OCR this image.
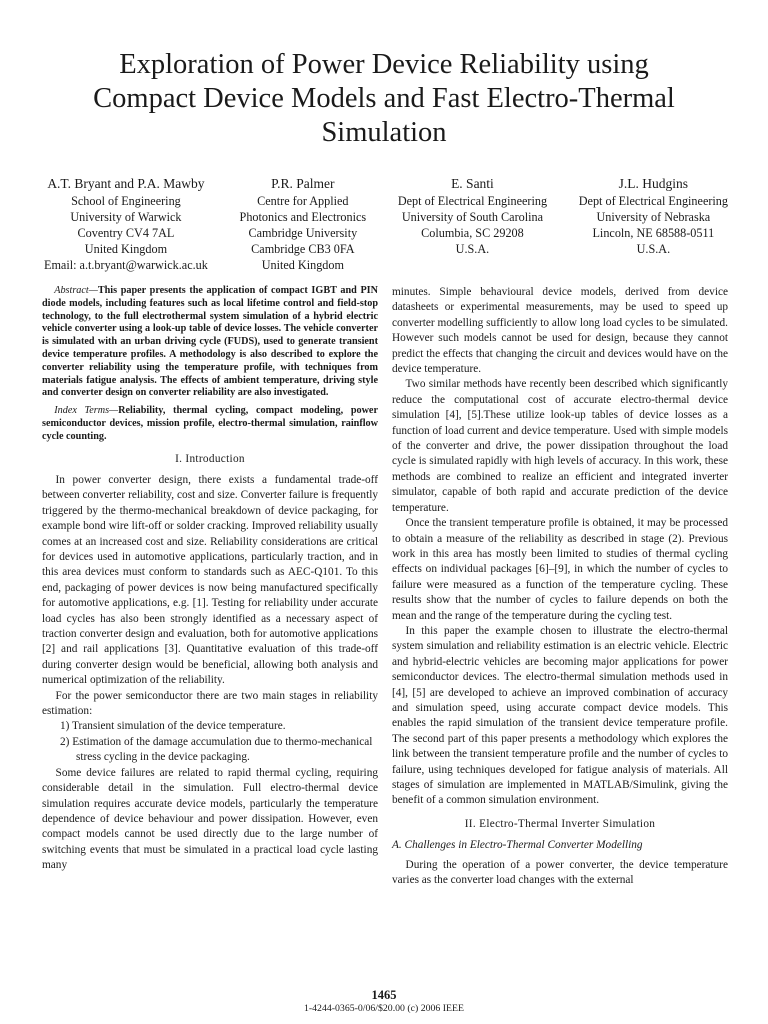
Exploration of Power Device Reliability using
Compact Device Models and Fast Electro-Thermal
Simulation
A.T. Bryant and P.A. Mawby
School of Engineering
University of Warwick
Coventry CV4 7AL
United Kingdom
Email: a.t.bryant@warwick.ac.uk
P.R. Palmer
Centre for Applied
Photonics and Electronics
Cambridge University
Cambridge CB3 0FA
United Kingdom
E. Santi
Dept of Electrical Engineering
University of South Carolina
Columbia, SC 29208
U.S.A.
J.L. Hudgins
Dept of Electrical Engineering
University of Nebraska
Lincoln, NE 68588-0511
U.S.A.

Abstract—This paper presents the application of compact IGBT and PIN diode models, including features such as local lifetime control and field-stop technology, to the full electrothermal system simulation of a hybrid electric vehicle converter using a look-up table of device losses. The vehicle converter is simulated with an urban driving cycle (FUDS), used to generate transient device temperature profiles. A methodology is also described to explore the converter reliability using the temperature profile, with techniques from materials fatigue analysis. The effects of ambient temperature, driving style and converter design on converter reliability are also investigated.

Index Terms—Reliability, thermal cycling, compact modeling, power semiconductor devices, mission profile, electro-thermal simulation, rainflow cycle counting.

I. Introduction

In power converter design, there exists a fundamental trade-off between converter reliability, cost and size. Converter failure is frequently triggered by the thermo-mechanical breakdown of device packaging, for example bond wire lift-off or solder cracking. Improved reliability usually comes at an increased cost and size. Reliability considerations are critical for devices used in automotive applications, particularly traction, and in this area devices must conform to standards such as AEC-Q101. To this end, packaging of power devices is now being manufactured specifically for automotive applications, e.g. [1]. Testing for reliability under accurate load cycles has also been strongly identified as a necessary aspect of traction converter design and evaluation, both for automotive applications [2] and rail applications [3]. Quantitative evaluation of this trade-off during converter design would be beneficial, allowing both analysis and numerical optimization of the reliability.

For the power semiconductor there are two main stages in reliability estimation:

1) Transient simulation of the device temperature.
2) Estimation of the damage accumulation due to thermo-mechanical stress cycling in the device packaging.

Some device failures are related to rapid thermal cycling, requiring considerable detail in the simulation. Full electro-thermal device simulation requires accurate device models, particularly the temperature dependence of device behaviour and power dissipation. However, even compact models cannot be used directly due to the large number of switching events that must be simulated in a practical load cycle lasting many

minutes. Simple behavioural device models, derived from device datasheets or experimental measurements, may be used to speed up converter modelling sufficiently to allow long load cycles to be simulated. However such models cannot be used for design, because they cannot predict the effects that changing the circuit and devices would have on the device temperature.

Two similar methods have recently been described which significantly reduce the computational cost of accurate electro-thermal device simulation [4], [5].These utilize look-up tables of device losses as a function of load current and device temperature. Used with simple models of the converter and drive, the power dissipation throughout the load cycle is simulated rapidly with high levels of accuracy. In this work, these methods are combined to realize an efficient and integrated inverter simulator, capable of both rapid and accurate prediction of the device temperature.

Once the transient temperature profile is obtained, it may be processed to obtain a measure of the reliability as described in stage (2). Previous work in this area has mostly been limited to studies of thermal cycling effects on individual packages [6]–[9], in which the number of cycles to failure were measured as a function of the temperature cycling. These results show that the number of cycles to failure depends on both the mean and the range of the temperature during the cycling test.

In this paper the example chosen to illustrate the electro-thermal system simulation and reliability estimation is an electric vehicle. Electric and hybrid-electric vehicles are becoming major applications for power semiconductor devices. The electro-thermal simulation methods used in [4], [5] are developed to achieve an improved combination of accuracy and simulation speed, using accurate compact device models. This enables the rapid simulation of the transient device temperature profile. The second part of this paper presents a methodology which explores the link between the transient temperature profile and the number of cycles to failure, using techniques developed for fatigue analysis of materials. All stages of simulation are implemented in MATLAB/Simulink, giving the benefit of a common simulation environment.

II. Electro-Thermal Inverter Simulation
A. Challenges in Electro-Thermal Converter Modelling

During the operation of a power converter, the device temperature varies as the converter load changes with the external

1465
1-4244-0365-0/06/$20.00 (c) 2006 IEEE
